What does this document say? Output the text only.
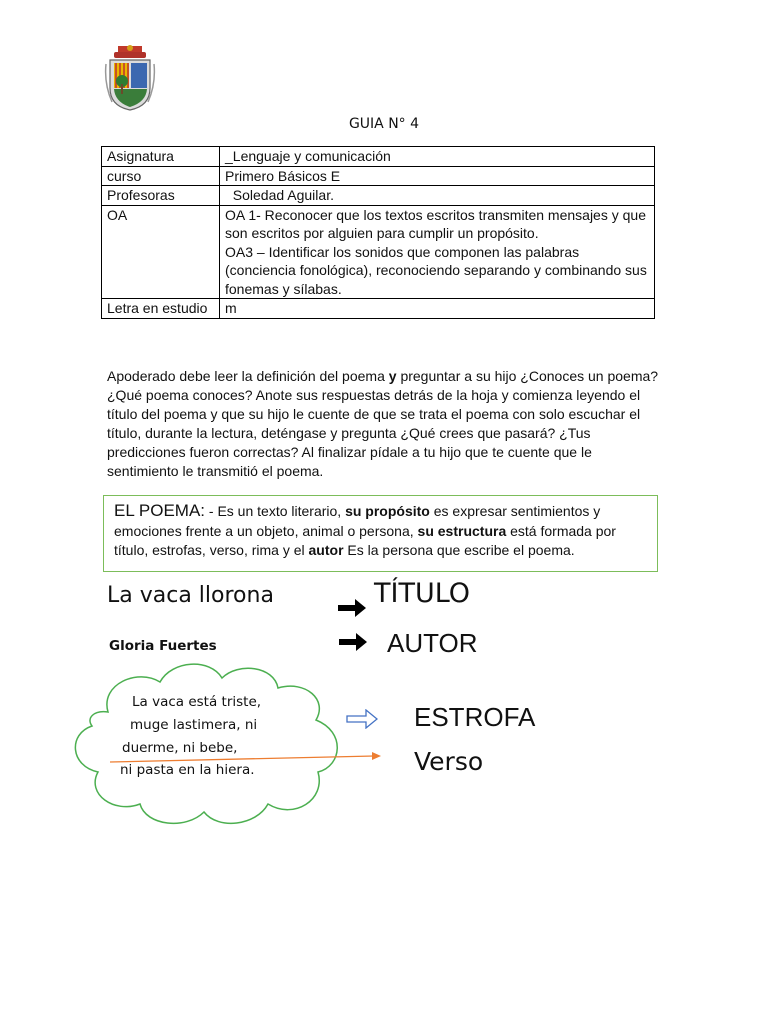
GUIA N° 4
Asignatura	_Lenguaje y comunicación
curso	Primero Básicos E
Profesoras	Soledad Aguilar.
OA	OA 1- Reconocer que los textos escritos transmiten mensajes y que son escritos por alguien para cumplir un propósito.
OA3 – Identificar los sonidos que componen las palabras (conciencia fonológica), reconociendo separando y combinando sus fonemas y sílabas.
Letra en estudio	m
Apoderado debe leer la definición del poema y preguntar a su hijo ¿Conoces un poema? ¿Qué poema conoces? Anote sus respuestas detrás de la hoja y comienza leyendo el título del poema y que su hijo le cuente de que se trata el poema con solo escuchar el título, durante la lectura, deténgase y pregunta ¿Qué crees que pasará? ¿Tus predicciones fueron correctas? Al finalizar pídale a tu hijo que te cuente que le sentimiento le transmitió el poema.
EL POEMA: - Es un texto literario, su propósito es expresar sentimientos y emociones frente a un objeto, animal o persona, su estructura está formada por título, estrofas, verso, rima y el autor Es la persona que escribe el poema.
La vaca llorona
Gloria Fuertes
TÍTULO
AUTOR
ESTROFA
Verso
La vaca está triste,
muge lastimera, ni
duerme, ni bebe,
ni pasta en la hiera.
